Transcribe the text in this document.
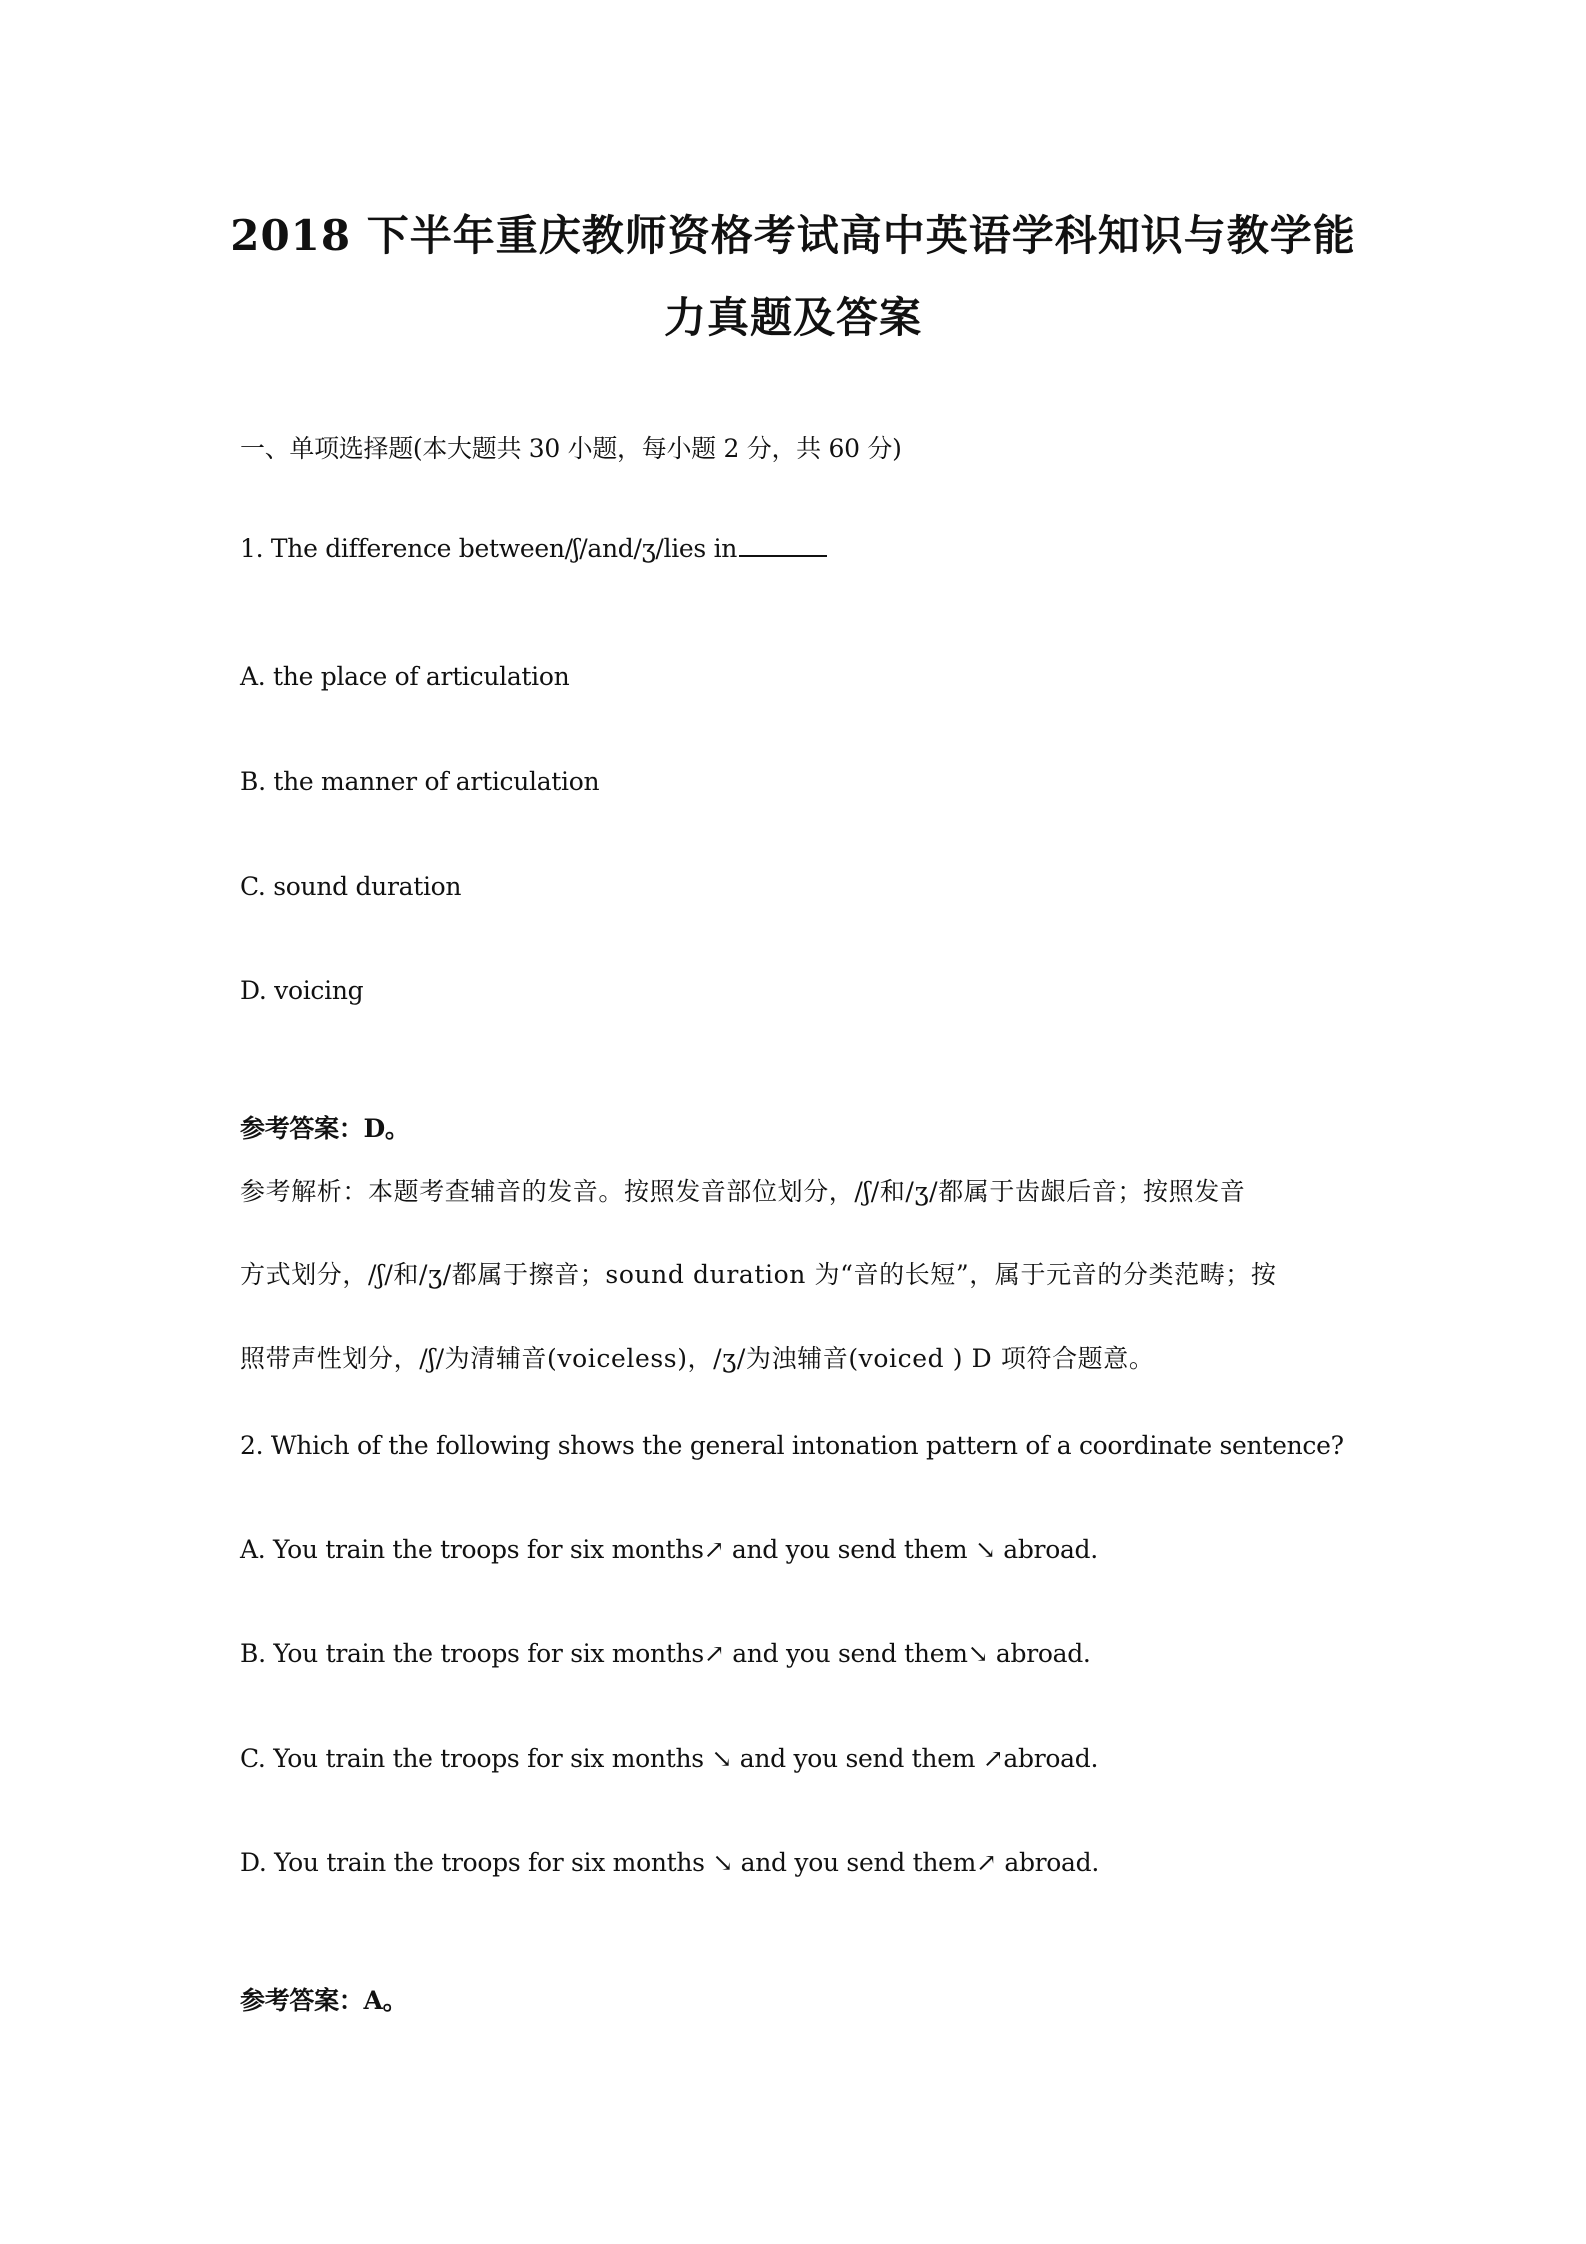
2018 下半年重庆教师资格考试高中英语学科知识与教学能
力真题及答案
一、单项选择题(本大题共 30 小题，每小题 2 分，共 60 分)
1. The difference between/ʃ/and/ʒ/lies in
A. the place of articulation
B. the manner of articulation
C. sound duration
D. voicing
参考答案：D。
参考解析：本题考查辅音的发音。按照发音部位划分，/ʃ/和/ʒ/都属于齿龈后音；按照发音
方式划分，/ʃ/和/ʒ/都属于擦音；sound duration 为“音的长短”，属于元音的分类范畴；按
照带声性划分，/ʃ/为清辅音(voiceless)，/ʒ/为浊辅音(voiced ) D 项符合题意。
2. Which of the following shows the general intonation pattern of a coordinate sentence?
A. You train the troops for six months↗ and you send them ↘ abroad.
B. You train the troops for six months↗ and you send them↘ abroad.
C. You train the troops for six months ↘ and you send them ↗abroad.
D. You train the troops for six months ↘ and you send them↗ abroad.
参考答案：A。
